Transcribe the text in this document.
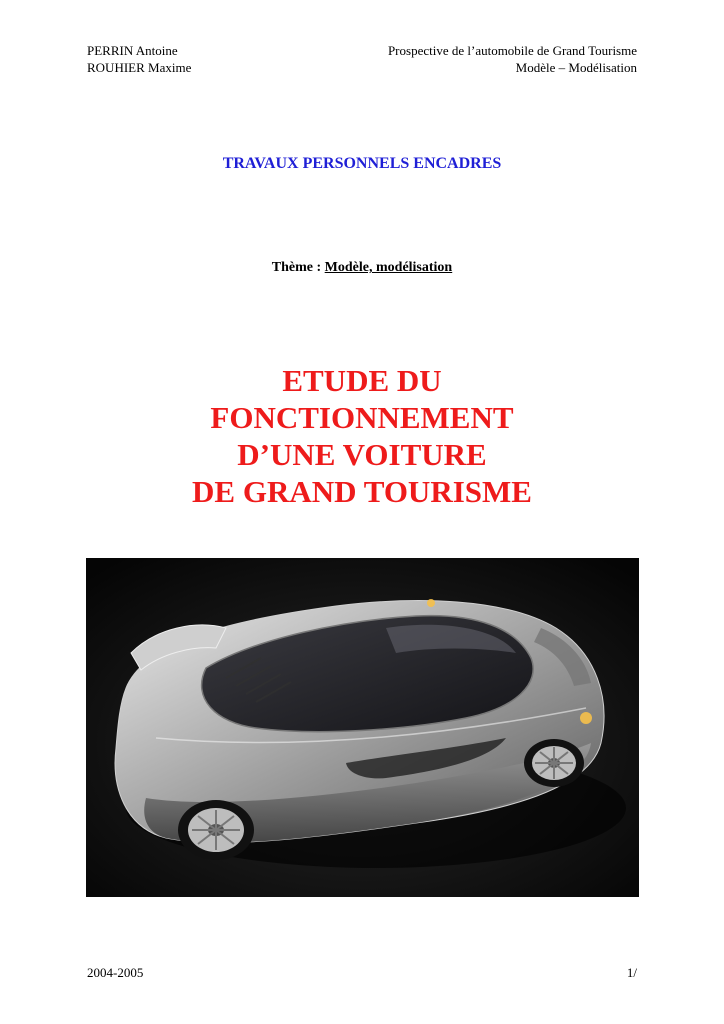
PERRIN Antoine
ROUHIER Maxime
Prospective de l’automobile de Grand Tourisme
Modèle – Modélisation
TRAVAUX PERSONNELS ENCADRES
Thème : Modèle, modélisation
ETUDE DU
FONCTIONNEMENT
D’UNE VOITURE
DE GRAND TOURISME
2004-2005	1/
